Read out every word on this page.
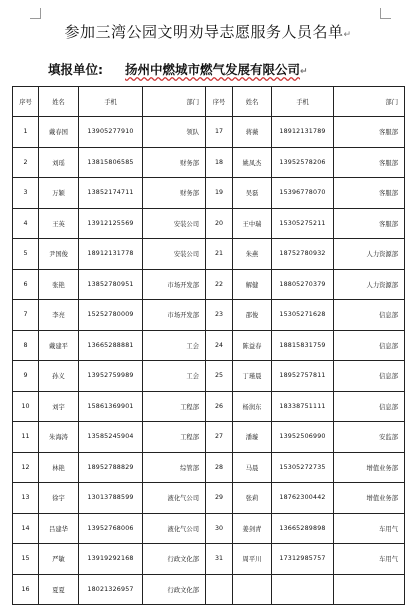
参加三湾公园文明劝导志愿服务人员名单↵
填报单位: 扬州中燃城市燃气发展有限公司↵
序号	姓名	手机	部门	序号	姓名	手机	部门
1	戴春国	13905277910	领队	17	蒋薇	18912131789	客服部
2	刘瑶	13815806585	财务部	18	姚凤杰	13952578206	客服部
3	万颖	13852174711	财务部	19	吴磊	15396778070	客服部
4	王英	13912125569	安装公司	20	王中瑞	15305275211	客服部
5	尹国俊	18912131778	安装公司	21	朱燕	18752780932	人力资源部
6	张艳	13852780951	市场开发部	22	解健	18805270379	人力资源部
7	李亮	15252780009	市场开发部	23	邵俊	15305271628	信息部
8	戴建平	13665288881	工会	24	陈益春	18815831759	信息部
9	孙义	13952759989	工会	25	丁瑾晨	18952757811	信息部
10	刘宇	15861369901	工程部	26	杨润东	18338751111	信息部
11	朱海涛	13585245904	工程部	27	潘璇	13952506990	安监部
12	林艳	18952788829	综管部	28	马晨	15305272735	增值业务部
13	徐宇	13013788599	液化气公司	29	张莉	18762300442	增值业务部
14	吕建华	13952768006	液化气公司	30	姜剑青	13665289898	车用气
15	严敏	13919292168	行政文化部	31	周平川	17312985757	车用气
16	夏夏	18021326957	行政文化部				
